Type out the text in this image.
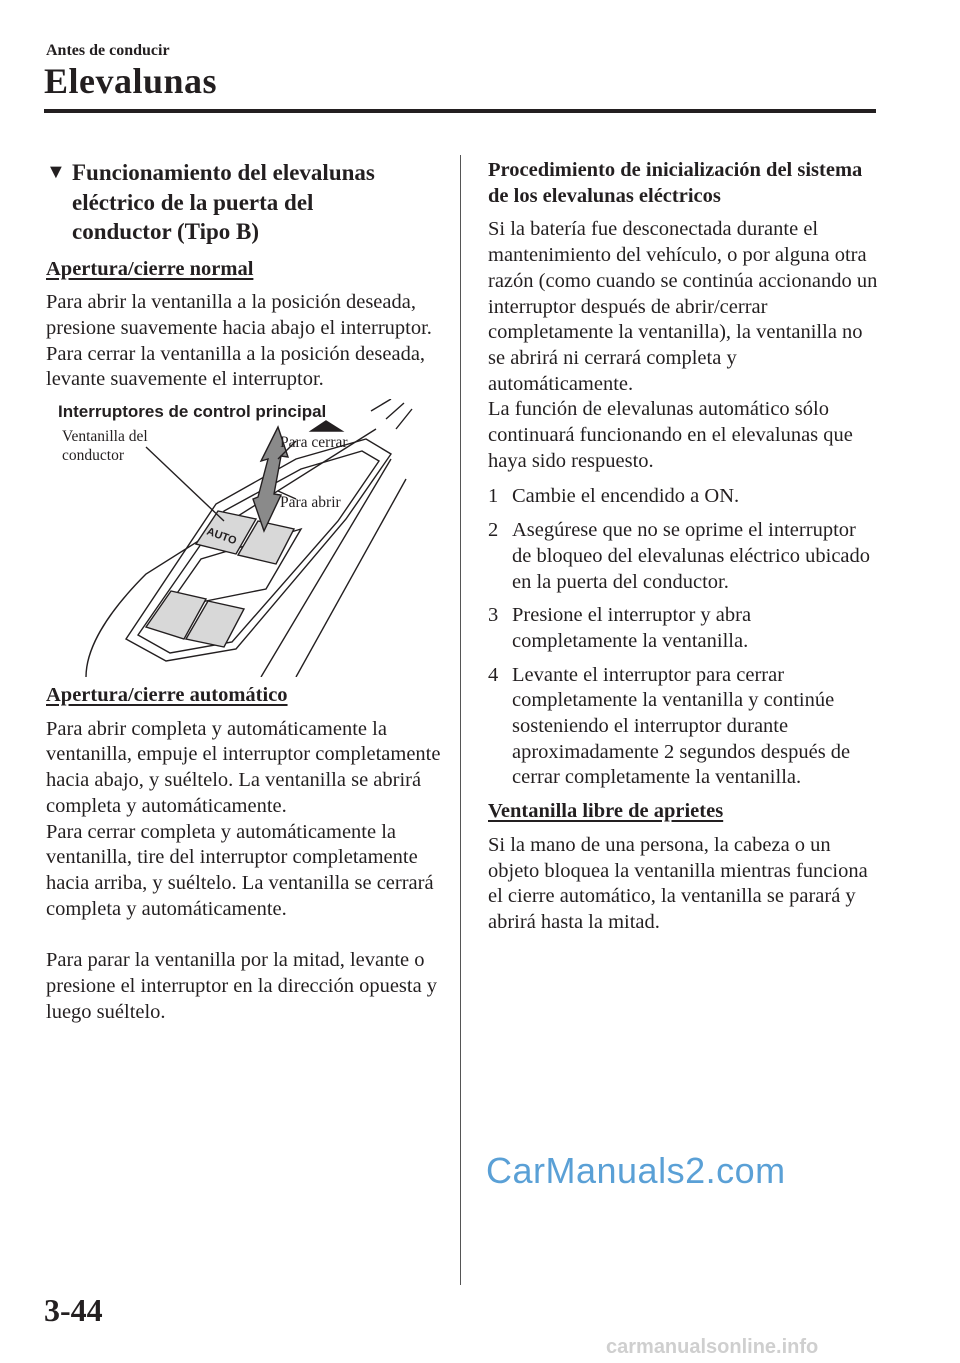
Antes de conducir
Elevalunas
▼ Funcionamiento del elevalunas
eléctrico de la puerta del
conductor (Tipo B)

Apertura/cierre normal

Para abrir la ventanilla a la posición deseada, presione suavemente hacia abajo el interruptor.

Para cerrar la ventanilla a la posición deseada, levante suavemente el interruptor.

Interruptores de control principal
AUTO
Ventanilla del
conductor
Para cerrar
Para abrir

Apertura/cierre automático

Para abrir completa y automáticamente la ventanilla, empuje el interruptor completamente hacia abajo, y suéltelo. La ventanilla se abrirá completa y automáticamente.

Para cerrar completa y automáticamente la ventanilla, tire del interruptor completamente hacia arriba, y suéltelo. La ventanilla se cerrará completa y automáticamente.

Para parar la ventanilla por la mitad, levante o presione el interruptor en la dirección opuesta y luego suéltelo.

Procedimiento de inicialización del sistema de los elevalunas eléctricos

Si la batería fue desconectada durante el mantenimiento del vehículo, o por alguna otra razón (como cuando se continúa accionando un interruptor después de abrir/cerrar completamente la ventanilla), la ventanilla no se abrirá ni cerrará completa y automáticamente.

La función de elevalunas automático sólo continuará funcionando en el elevalunas que haya sido respuesto.

1 Cambie el encendido a ON.
2 Asegúrese que no se oprime el interruptor de bloqueo del elevalunas eléctrico ubicado en la puerta del conductor.
3 Presione el interruptor y abra completamente la ventanilla.
4 Levante el interruptor para cerrar completamente la ventanilla y continúe sosteniendo el interruptor durante aproximadamente 2 segundos después de cerrar completamente la ventanilla.

Ventanilla libre de aprietes

Si la mano de una persona, la cabeza o un objeto bloquea la ventanilla mientras funciona el cierre automático, la ventanilla se parará y abrirá hasta la mitad.

CarManuals2.com
3-44
carmanualsonline.info
